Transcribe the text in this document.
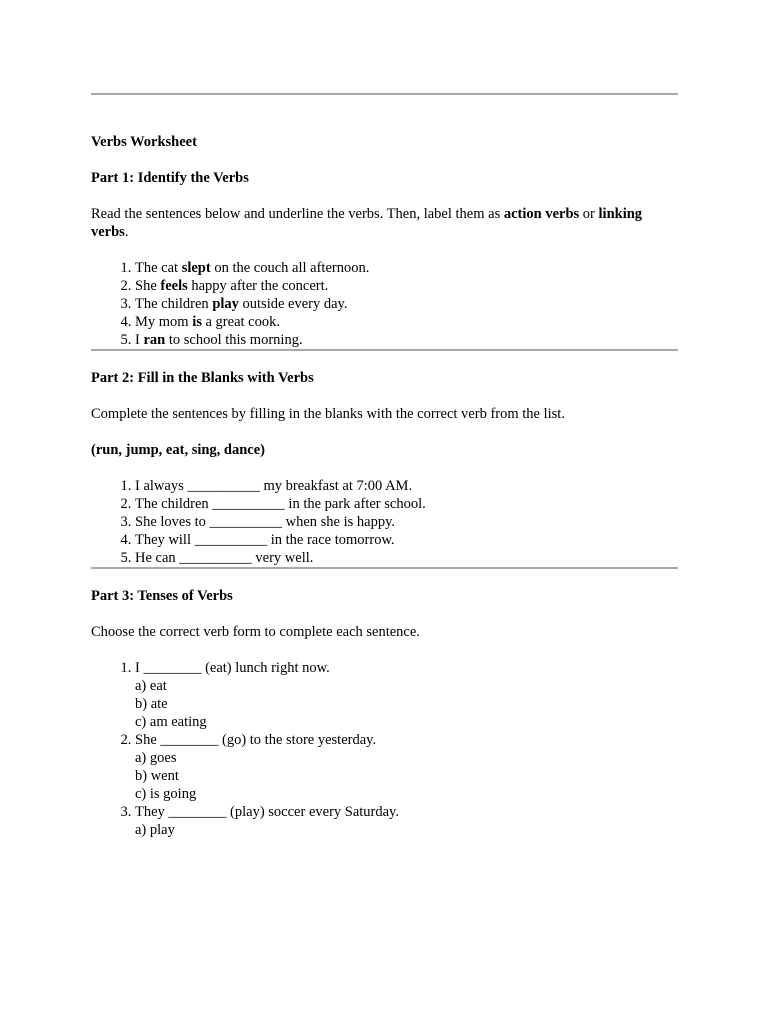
Verbs Worksheet
Part 1: Identify the Verbs

Read the sentences below and underline the verbs. Then, label them as action verbs or linking verbs.

1. The cat slept on the couch all afternoon.
2. She feels happy after the concert.
3. The children play outside every day.
4. My mom is a great cook.
5. I ran to school this morning.
Part 2: Fill in the Blanks with Verbs

Complete the sentences by filling in the blanks with the correct verb from the list.

(run, jump, eat, sing, dance)

1. I always __________ my breakfast at 7:00 AM.
2. The children __________ in the park after school.
3. She loves to __________ when she is happy.
4. They will __________ in the race tomorrow.
5. He can __________ very well.
Part 3: Tenses of Verbs

Choose the correct verb form to complete each sentence.

1. I ________ (eat) lunch right now.
a) eat
b) ate
c) am eating
2. She ________ (go) to the store yesterday.
a) goes
b) went
c) is going
3. They ________ (play) soccer every Saturday.
a) play
